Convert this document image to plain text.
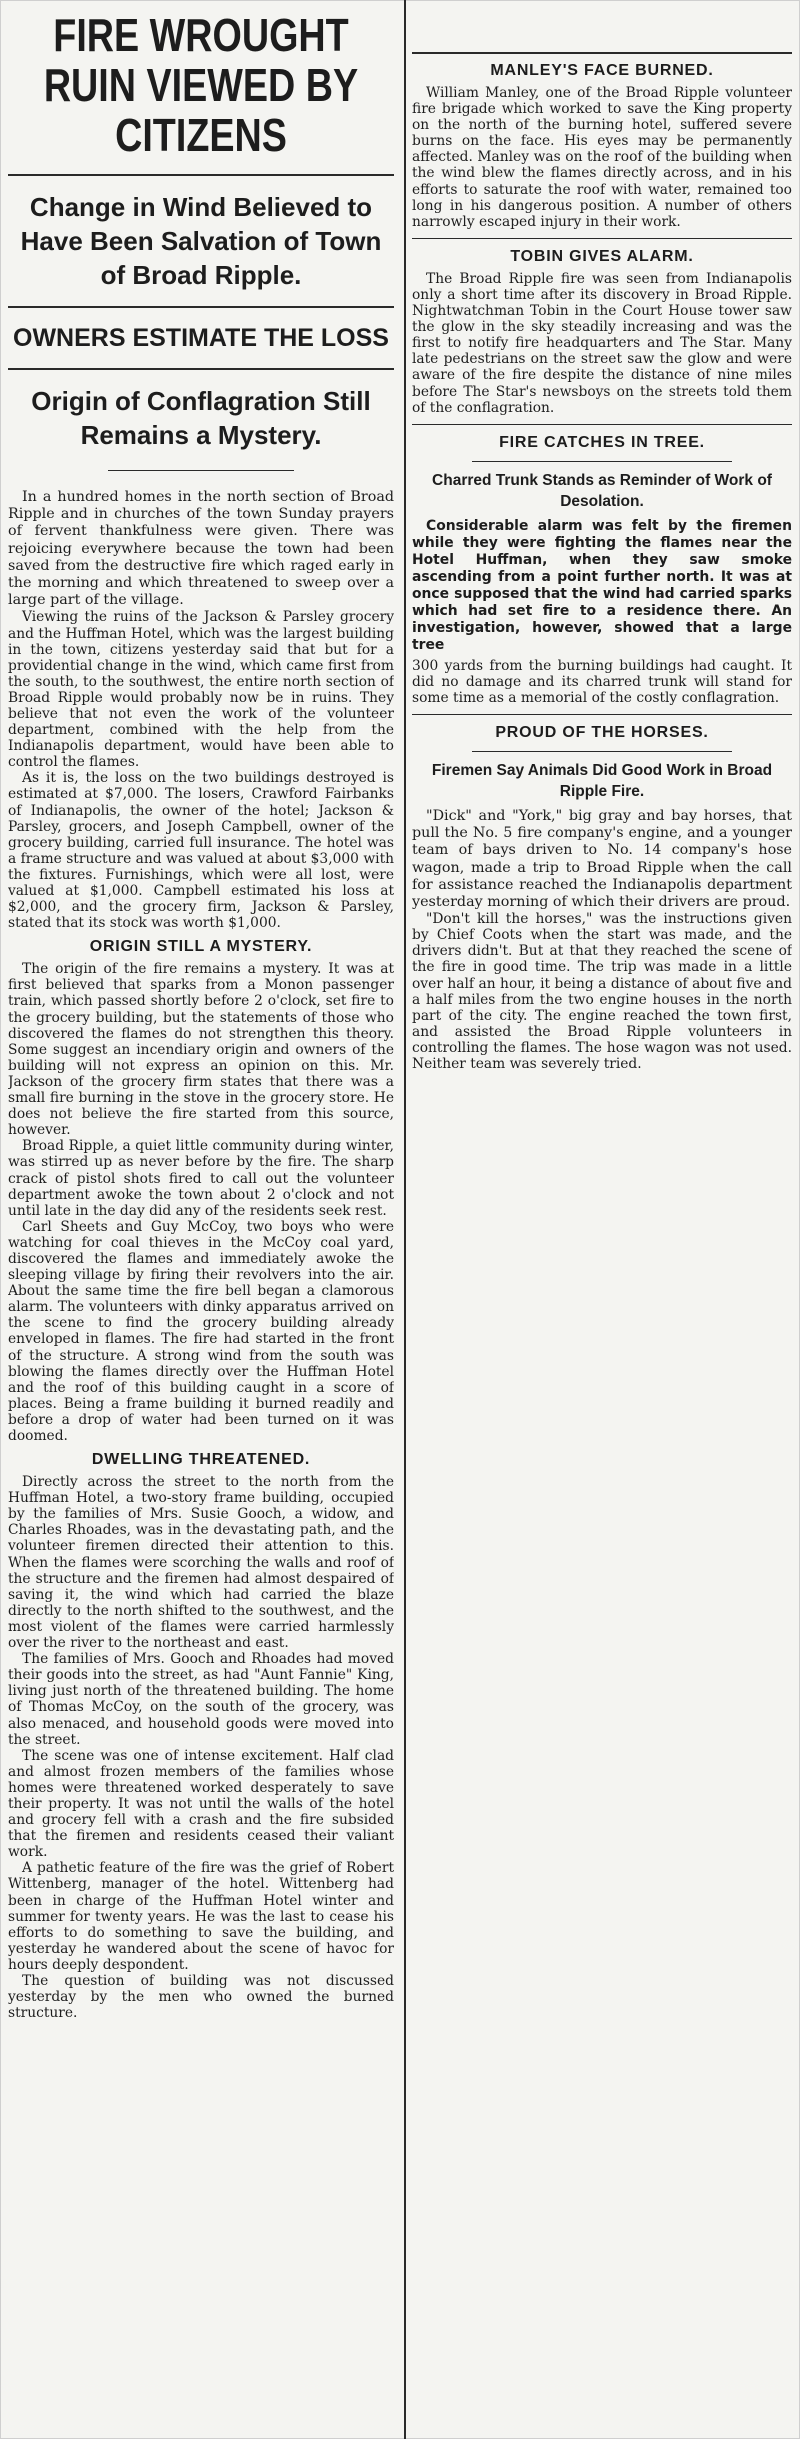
FIRE WROUGHT RUIN VIEWED BY CITIZENS
Change in Wind Believed to Have Been Salvation of Town of Broad Ripple.
OWNERS ESTIMATE THE LOSS
Origin of Conflagration Still Remains a Mystery.

In a hundred homes in the north section of Broad Ripple and in churches of the town Sunday prayers of fervent thankfulness were given. There was rejoicing everywhere because the town had been saved from the destructive fire which raged early in the morning and which threatened to sweep over a large part of the village.

Viewing the ruins of the Jackson & Parsley grocery and the Huffman Hotel, which was the largest building in the town, citizens yesterday said that but for a providential change in the wind, which came first from the south, to the southwest, the entire north section of Broad Ripple would probably now be in ruins. They believe that not even the work of the volunteer department, combined with the help from the Indianapolis department, would have been able to control the flames.

As it is, the loss on the two buildings destroyed is estimated at $7,000. The losers, Crawford Fairbanks of Indianapolis, the owner of the hotel; Jackson & Parsley, grocers, and Joseph Campbell, owner of the grocery building, carried full insurance. The hotel was a frame structure and was valued at about $3,000 with the fixtures. Furnishings, which were all lost, were valued at $1,000. Campbell estimated his loss at $2,000, and the grocery firm, Jackson & Parsley, stated that its stock was worth $1,000.

ORIGIN STILL A MYSTERY.

The origin of the fire remains a mystery. It was at first believed that sparks from a Monon passenger train, which passed shortly before 2 o'clock, set fire to the grocery building, but the statements of those who discovered the flames do not strengthen this theory. Some suggest an incendiary origin and owners of the building will not express an opinion on this. Mr. Jackson of the grocery firm states that there was a small fire burning in the stove in the grocery store. He does not believe the fire started from this source, however.

Broad Ripple, a quiet little community during winter, was stirred up as never before by the fire. The sharp crack of pistol shots fired to call out the volunteer department awoke the town about 2 o'clock and not until late in the day did any of the residents seek rest.

Carl Sheets and Guy McCoy, two boys who were watching for coal thieves in the McCoy coal yard, discovered the flames and immediately awoke the sleeping village by firing their revolvers into the air. About the same time the fire bell began a clamorous alarm. The volunteers with dinky apparatus arrived on the scene to find the grocery building already enveloped in flames. The fire had started in the front of the structure. A strong wind from the south was blowing the flames directly over the Huffman Hotel and the roof of this building caught in a score of places. Being a frame building it burned readily and before a drop of water had been turned on it was doomed.

DWELLING THREATENED.

Directly across the street to the north from the Huffman Hotel, a two-story frame building, occupied by the families of Mrs. Susie Gooch, a widow, and Charles Rhoades, was in the devastating path, and the volunteer firemen directed their attention to this. When the flames were scorching the walls and roof of the structure and the firemen had almost despaired of saving it, the wind which had carried the blaze directly to the north shifted to the southwest, and the most violent of the flames were carried harmlessly over the river to the northeast and east.

The families of Mrs. Gooch and Rhoades had moved their goods into the street, as had "Aunt Fannie" King, living just north of the threatened building. The home of Thomas McCoy, on the south of the grocery, was also menaced, and household goods were moved into the street.

The scene was one of intense excitement. Half clad and almost frozen members of the families whose homes were threatened worked desperately to save their property. It was not until the walls of the hotel and grocery fell with a crash and the fire subsided that the firemen and residents ceased their valiant work.

A pathetic feature of the fire was the grief of Robert Wittenberg, manager of the hotel. Wittenberg had been in charge of the Huffman Hotel winter and summer for twenty years. He was the last to cease his efforts to do something to save the building, and yesterday he wandered about the scene of havoc for hours deeply despondent.

The question of building was not discussed yesterday by the men who owned the burned structure.

MANLEY'S FACE BURNED.

William Manley, one of the Broad Ripple volunteer fire brigade which worked to save the King property on the north of the burning hotel, suffered severe burns on the face. His eyes may be permanently affected. Manley was on the roof of the building when the wind blew the flames directly across, and in his efforts to saturate the roof with water, remained too long in his dangerous position. A number of others narrowly escaped injury in their work.

TOBIN GIVES ALARM.

The Broad Ripple fire was seen from Indianapolis only a short time after its discovery in Broad Ripple. Nightwatchman Tobin in the Court House tower saw the glow in the sky steadily increasing and was the first to notify fire headquarters and The Star. Many late pedestrians on the street saw the glow and were aware of the fire despite the distance of nine miles before The Star's newsboys on the streets told them of the conflagration.

FIRE CATCHES IN TREE.
Charred Trunk Stands as Reminder of Work of Desolation.

Considerable alarm was felt by the firemen while they were fighting the flames near the Hotel Huffman, when they saw smoke ascending from a point further north. It was at once supposed that the wind had carried sparks which had set fire to a residence there. An investigation, however, showed that a large tree

300 yards from the burning buildings had caught. It did no damage and its charred trunk will stand for some time as a memorial of the costly conflagration.

PROUD OF THE HORSES.
Firemen Say Animals Did Good Work in Broad Ripple Fire.

"Dick" and "York," big gray and bay horses, that pull the No. 5 fire company's engine, and a younger team of bays driven to No. 14 company's hose wagon, made a trip to Broad Ripple when the call for assistance reached the Indianapolis department yesterday morning of which their drivers are proud.

"Don't kill the horses," was the instructions given by Chief Coots when the start was made, and the drivers didn't. But at that they reached the scene of the fire in good time. The trip was made in a little over half an hour, it being a distance of about five and a half miles from the two engine houses in the north part of the city. The engine reached the town first, and assisted the Broad Ripple volunteers in controlling the flames. The hose wagon was not used. Neither team was severely tried.
